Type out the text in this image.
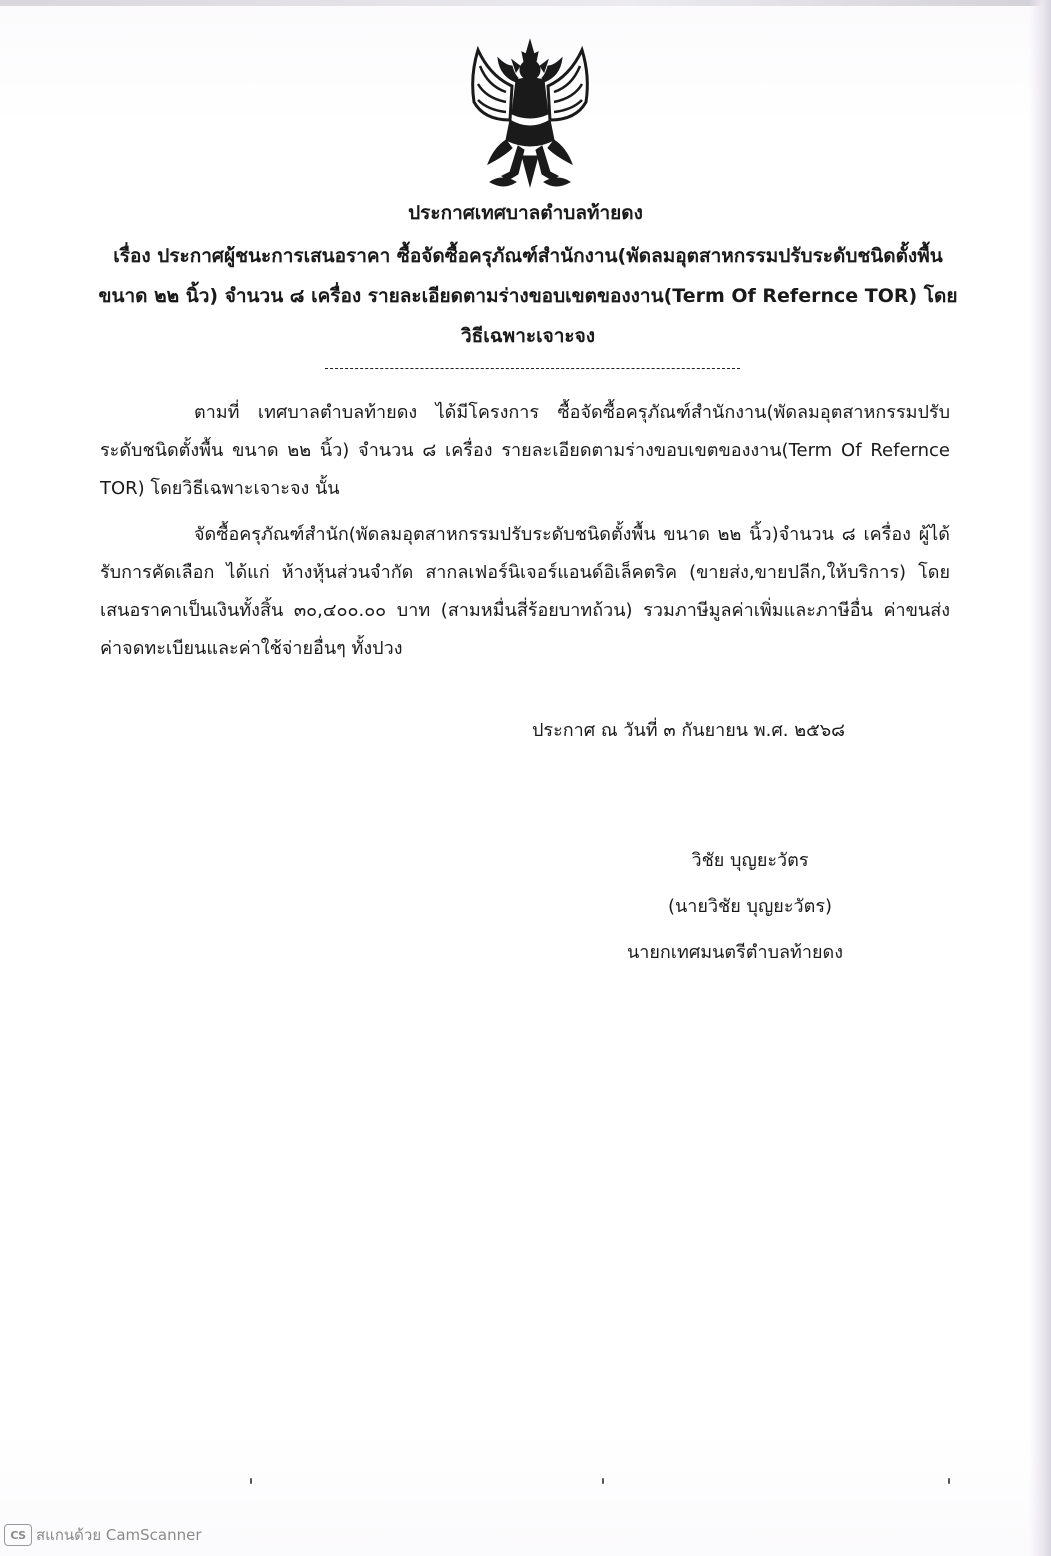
ประกาศเทศบาลตำบลท้ายดง
เรื่อง ประกาศผู้ชนะการเสนอราคา ซื้อจัดซื้อครุภัณฑ์สำนักงาน(พัดลมอุตสาหกรรมปรับระดับชนิดตั้งพื้น ขนาด ๒๒ นิ้ว) จำนวน ๘ เครื่อง รายละเอียดตามร่างขอบเขตของงาน(Term Of Refernce TOR) โดยวิธีเฉพาะเจาะจง
ตามที่ เทศบาลตำบลท้ายดง ได้มีโครงการ ซื้อจัดซื้อครุภัณฑ์สำนักงาน(พัดลมอุตสาหกรรมปรับระดับชนิดตั้งพื้น ขนาด ๒๒ นิ้ว) จำนวน ๘ เครื่อง รายละเอียดตามร่างขอบเขตของงาน(Term Of Refernce TOR) โดยวิธีเฉพาะเจาะจง นั้น
จัดซื้อครุภัณฑ์สำนัก(พัดลมอุตสาหกรรมปรับระดับชนิดตั้งพื้น ขนาด ๒๒ นิ้ว)จำนวน ๘ เครื่อง ผู้ได้รับการคัดเลือก ได้แก่ ห้างหุ้นส่วนจำกัด สากลเฟอร์นิเจอร์แอนด์อิเล็คตริค (ขายส่ง,ขายปลีก,ให้บริการ) โดยเสนอราคาเป็นเงินทั้งสิ้น ๓๐,๔๐๐.๐๐ บาท (สามหมื่นสี่ร้อยบาทถ้วน) รวมภาษีมูลค่าเพิ่มและภาษีอื่น ค่าขนส่ง ค่าจดทะเบียนและค่าใช้จ่ายอื่นๆ ทั้งปวง
ประกาศ ณ วันที่ ๓ กันยายน พ.ศ. ๒๕๖๘
วิชัย บุญยะวัตร
(นายวิชัย บุญยะวัตร)
นายกเทศมนตรีตำบลท้ายดง
CS สแกนด้วย CamScanner
